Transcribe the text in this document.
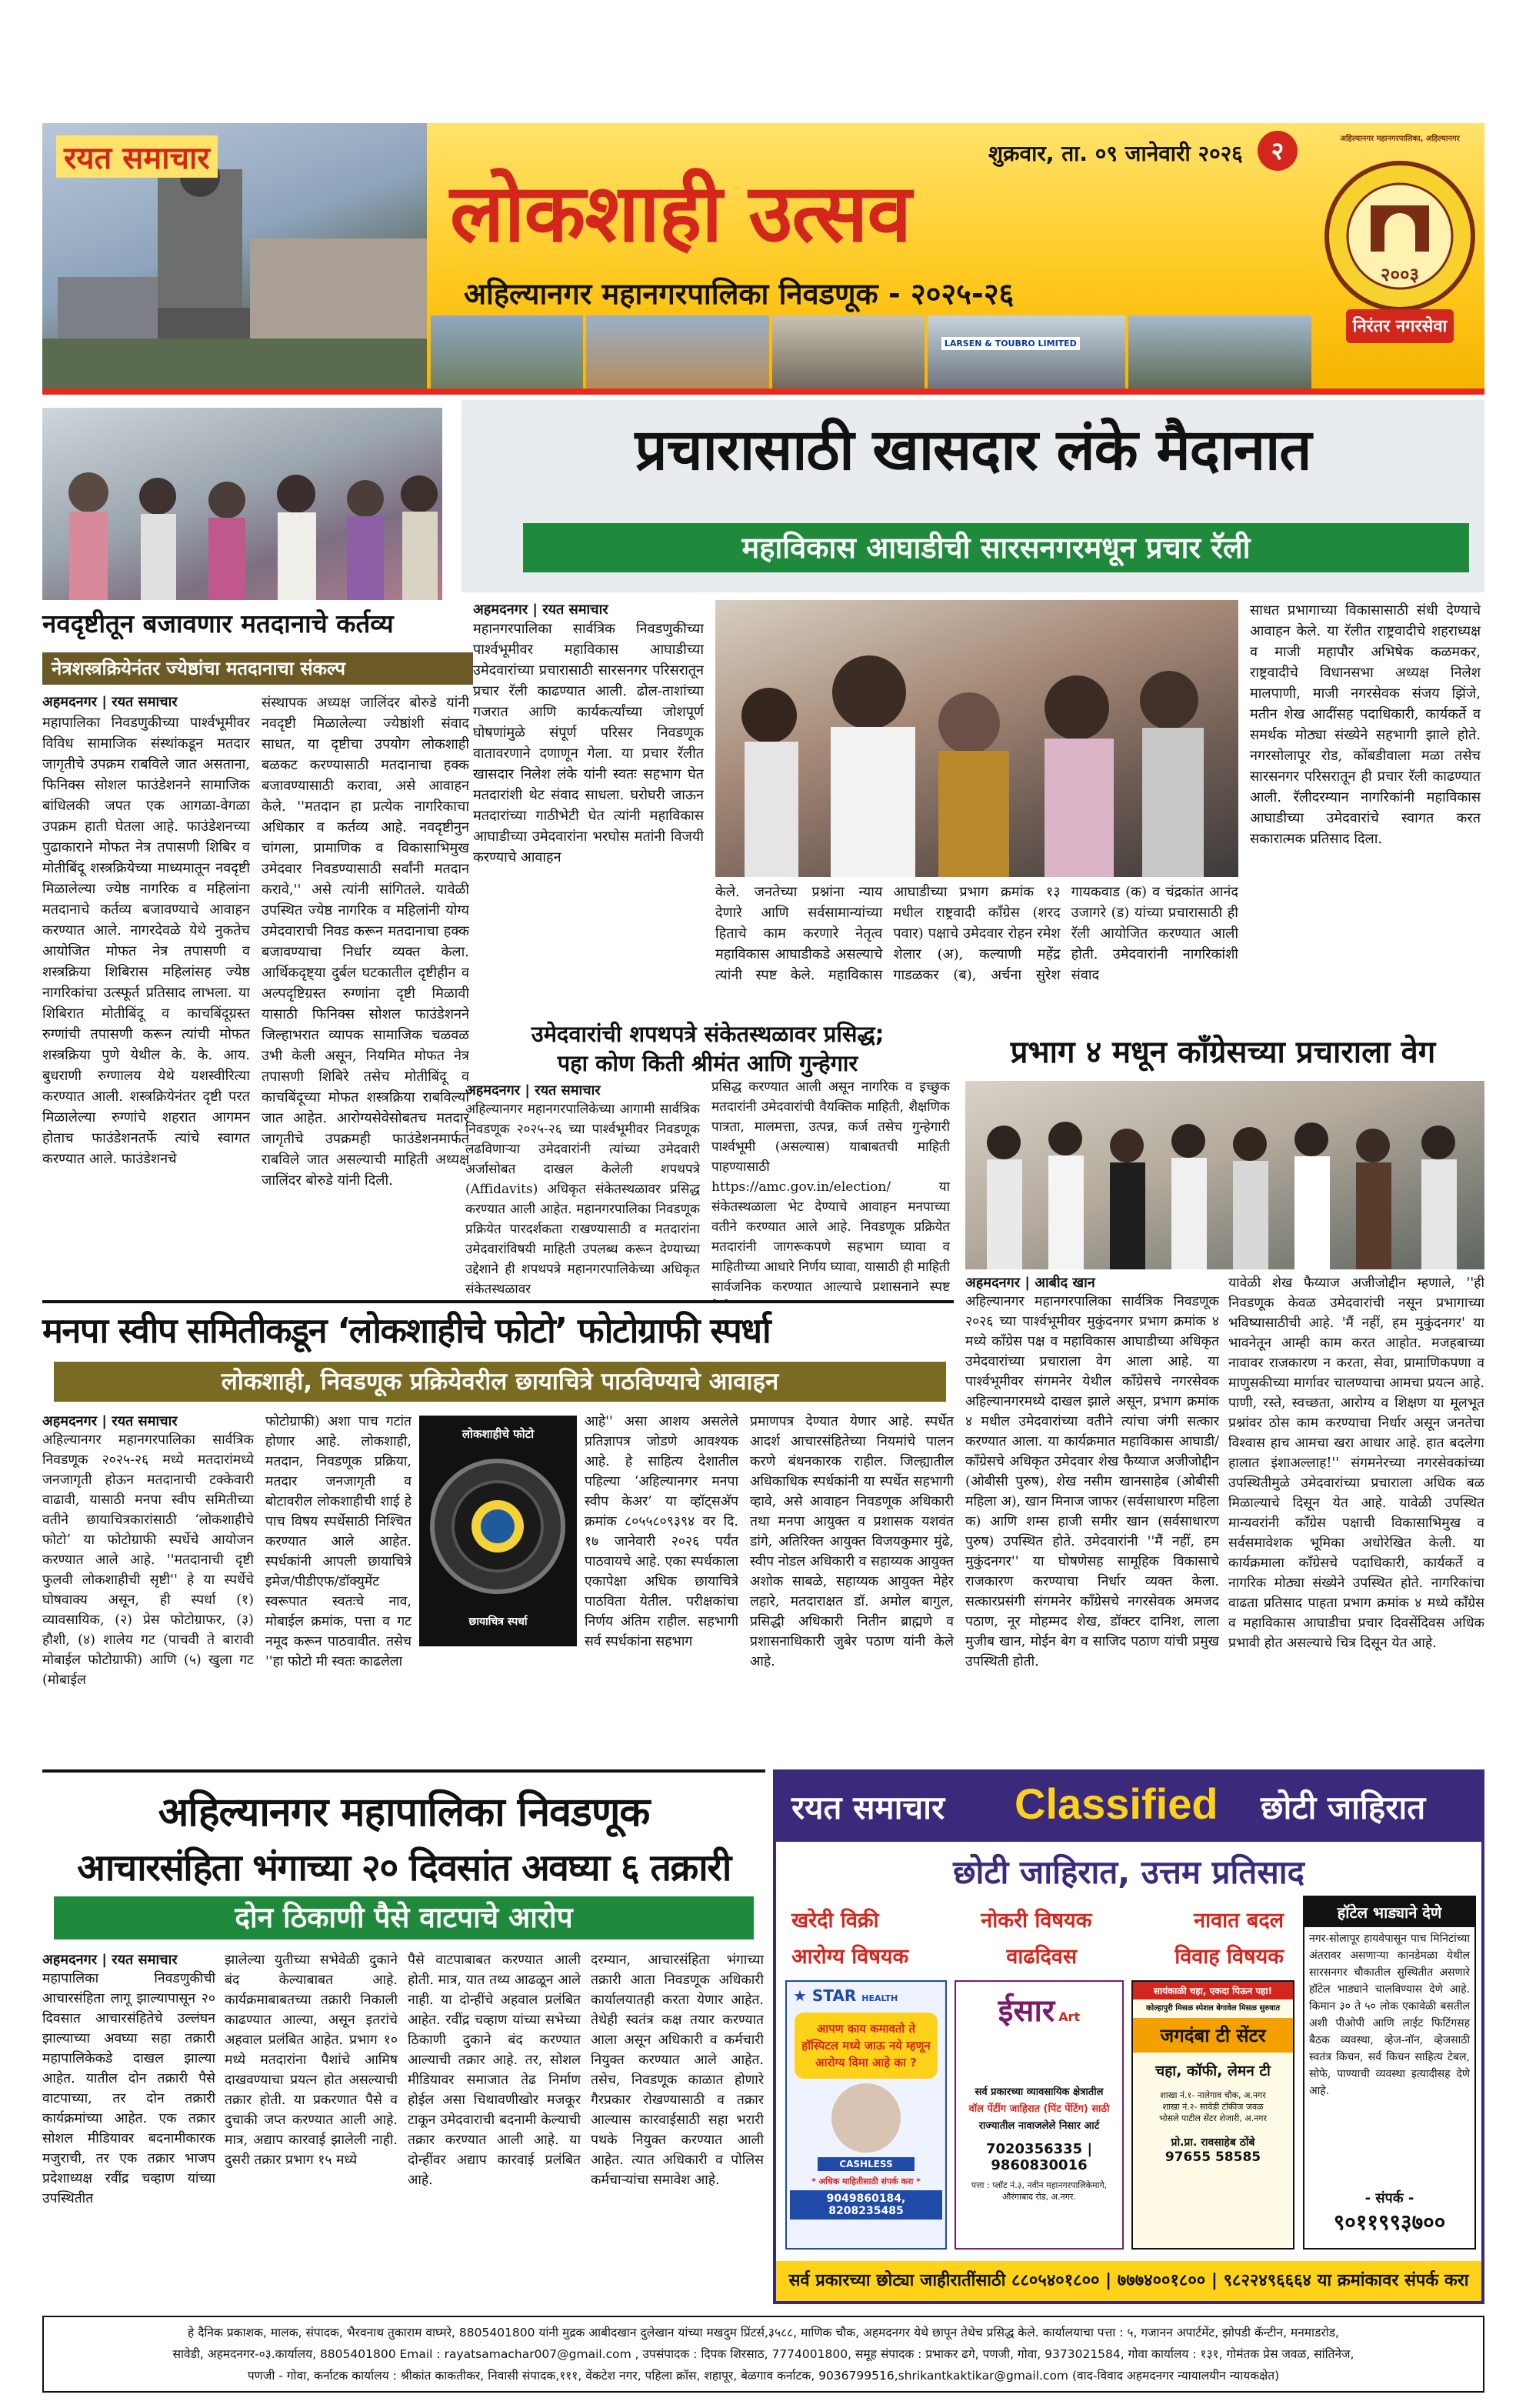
रयत समाचार
लोकशाही उत्सव
शुक्रवार, ता. ०९ जानेवारी २०२६	२
अहिल्यानगर महानगरपालिका निवडणूक - २०२५-२६
LARSEN & TOUBRO LIMITED
२००३
निरंतर नगरसेवा
अहिल्यानगर महानगरपालिका, अहिल्यानगर
नवदृष्टीतून बजावणार मतदानाचे कर्तव्य
नेत्रशस्त्रक्रियेनंतर ज्येष्ठांचा मतदानाचा संकल्प
अहमदनगर | रयत समाचार

महापालिका निवडणुकीच्या पार्श्वभूमीवर विविध सामाजिक संस्थांकडून मतदार जागृतीचे उपक्रम राबविले जात असताना, फिनिक्स सोशल फाउंडेशनने सामाजिक बांधिलकी जपत एक आगळा-वेगळा उपक्रम हाती घेतला आहे. फाउंडेशनच्या पुढाकाराने मोफत नेत्र तपासणी शिबिर व मोतीबिंदू शस्त्रक्रियेच्या माध्यमातून नवदृष्टी मिळालेल्या ज्येष्ठ नागरिक व महिलांना मतदानाचे कर्तव्य बजावण्याचे आवाहन करण्यात आले. नागरदेवळे येथे नुकतेच आयोजित मोफत नेत्र तपासणी व शस्त्रक्रिया शिबिरास महिलांसह ज्येष्ठ नागरिकांचा उत्स्फूर्त प्रतिसाद लाभला. या शिबिरात मोतीबिंदू व काचबिंदूग्रस्त रुग्णांची तपासणी करून त्यांची मोफत शस्त्रक्रिया पुणे येथील के. के. आय. बुधराणी रुग्णालय येथे यशस्वीरित्या करण्यात आली. शस्त्रक्रियेनंतर दृष्टी परत मिळालेल्या रुग्णांचे शहरात आगमन होताच फाउंडेशनतर्फे त्यांचे स्वागत करण्यात आले. फाउंडेशनचे

संस्थापक अध्यक्ष जालिंदर बोरुडे यांनी नवदृष्टी मिळालेल्या ज्येष्ठांशी संवाद साधत, या दृष्टीचा उपयोग लोकशाही बळकट करण्यासाठी मतदानाचा हक्क बजावण्यासाठी करावा, असे आवाहन केले. ''मतदान हा प्रत्येक नागरिकाचा अधिकार व कर्तव्य आहे. नवदृष्टीनुन चांगला, प्रामाणिक व विकासाभिमुख उमेदवार निवडण्यासाठी सर्वांनी मतदान करावे,'' असे त्यांनी सांगितले. यावेळी उपस्थित ज्येष्ठ नागरिक व महिलांनी योग्य उमेदवाराची निवड करून मतदानाचा हक्क बजावण्याचा निर्धार व्यक्त केला. आर्थिकदृष्ट्या दुर्बल घटकातील दृष्टीहीन व अल्पदृष्टिग्रस्त रुग्णांना दृष्टी मिळावी यासाठी फिनिक्स सोशल फाउंडेशनने जिल्हाभरात व्यापक सामाजिक चळवळ उभी केली असून, नियमित मोफत नेत्र तपासणी शिबिरे तसेच मोतीबिंदू व काचबिंदूच्या मोफत शस्त्रक्रिया राबविल्या जात आहेत. आरोग्यसेवेसोबतच मतदार जागृतीचे उपक्रमही फाउंडेशनमार्फत राबविले जात असल्याची माहिती अध्यक्ष जालिंदर बोरुडे यांनी दिली.

प्रचारासाठी खासदार लंके मैदानात
महाविकास आघाडीची सारसनगरमधून प्रचार रॅली
अहमदनगर | रयत समाचार

महानगरपालिका सार्वत्रिक निवडणुकीच्या पार्श्वभूमीवर महाविकास आघाडीच्या उमेदवारांच्या प्रचारासाठी सारसनगर परिसरातून प्रचार रॅली काढण्यात आली. ढोल-ताशांच्या गजरात आणि कार्यकर्त्यांच्या जोशपूर्ण घोषणांमुळे संपूर्ण परिसर निवडणूक वातावरणाने दणाणून गेला. या प्रचार रॅलीत खासदार निलेश लंके यांनी स्वतः सहभाग घेत मतदारांशी थेट संवाद साधला. घरोघरी जाऊन मतदारांच्या गाठीभेटी घेत त्यांनी महाविकास आघाडीच्या उमेदवारांना भरघोस मतांनी विजयी करण्याचे आवाहन

केले. जनतेच्या प्रश्नांना न्याय देणारे आणि सर्वसामान्यांच्या हिताचे काम करणारे नेतृत्व महाविकास आघाडीकडे असल्याचे त्यांनी स्पष्ट केले. महाविकास आघाडीच्या प्रभाग क्रमांक १३ मधील राष्ट्रवादी काँग्रेस (शरद पवार) पक्षाचे उमेदवार रोहन रमेश शेलार (अ), कल्याणी महेंद्र गाडळकर (ब), अर्चना सुरेश गायकवाड (क) व चंद्रकांत आनंद उजागरे (ड) यांच्या प्रचारासाठी ही रॅली आयोजित करण्यात आली होती. उमेदवारांनी नागरिकांशी संवाद

साधत प्रभागाच्या विकासासाठी संधी देण्याचे आवाहन केले. या रॅलीत राष्ट्रवादीचे शहराध्यक्ष व माजी महापौर अभिषेक कळमकर, राष्ट्रवादीचे विधानसभा अध्यक्ष निलेश मालपाणी, माजी नगरसेवक संजय झिंजे, मतीन शेख आदींसह पदाधिकारी, कार्यकर्ते व समर्थक मोठ्या संख्येने सहभागी झाले होते. नगरसोलापूर रोड, कोंबडीवाला मळा तसेच सारसनगर परिसरातून ही प्रचार रॅली काढण्यात आली. रॅलीदरम्यान नागरिकांनी महाविकास आघाडीच्या उमेदवारांचे स्वागत करत सकारात्मक प्रतिसाद दिला.

उमेदवारांची शपथपत्रे संकेतस्थळावर प्रसिद्ध;
पहा कोण किती श्रीमंत आणि गुन्हेगार
अहमदनगर | रयत समाचार

अहिल्यानगर महानगरपालिकेच्या आगामी सार्वत्रिक निवडणूक २०२५-२६ च्या पार्श्वभूमीवर निवडणूक लढविणाऱ्या उमेदवारांनी त्यांच्या उमेदवारी अर्जासोबत दाखल केलेली शपथपत्रे (Affidavits) अधिकृत संकेतस्थळावर प्रसिद्ध करण्यात आली आहेत. महानगरपालिका निवडणूक प्रक्रियेत पारदर्शकता राखण्यासाठी व मतदारांना उमेदवारांविषयी माहिती उपलब्ध करून देण्याच्या उद्देशाने ही शपथपत्रे महानगरपालिकेच्या अधिकृत संकेतस्थळावर

प्रसिद्ध करण्यात आली असून नागरिक व इच्छुक मतदारांनी उमेदवारांची वैयक्तिक माहिती, शैक्षणिक पात्रता, मालमत्ता, उत्पन्न, कर्ज तसेच गुन्हेगारी पार्श्वभूमी (असल्यास) याबाबतची माहिती पाहण्यासाठी https://amc.gov.in/election/ या संकेतस्थळाला भेट देण्याचे आवाहन मनपाच्या वतीने करण्यात आले आहे. निवडणूक प्रक्रियेत मतदारांनी जागरूकपणे सहभाग घ्यावा व माहितीच्या आधारे निर्णय घ्यावा, यासाठी ही माहिती सार्वजनिक करण्यात आल्याचे प्रशासनाने स्पष्ट

प्रभाग ४ मधून काँग्रेसच्या प्रचाराला वेग
अहमदनगर | आबीद खान

अहिल्यानगर महानगरपालिका सार्वत्रिक निवडणूक २०२६ च्या पार्श्वभूमीवर मुकुंदनगर प्रभाग क्रमांक ४ मध्ये काँग्रेस पक्ष व महाविकास आघाडीच्या अधिकृत उमेदवारांच्या प्रचाराला वेग आला आहे. या पार्श्वभूमीवर संगमनेर येथील काँग्रेसचे नगरसेवक अहिल्यानगरमध्ये दाखल झाले असून, प्रभाग क्रमांक ४ मधील उमेदवारांच्या वतीने त्यांचा जंगी सत्कार करण्यात आला. या कार्यक्रमात महाविकास आघाडी/काँग्रेसचे अधिकृत उमेदवार शेख फैय्याज अजीजोद्दीन (ओबीसी पुरुष), शेख नसीम खानसाहेब (ओबीसी महिला अ), खान मिनाज जाफर (सर्वसाधारण महिला क) आणि शम्स हाजी समीर खान (सर्वसाधारण पुरुष) उपस्थित होते. उमेदवारांनी ''मैं नहीं, हम मुकुंदनगर'' या घोषणेसह सामूहिक विकासाचे राजकारण करण्याचा निर्धार व्यक्त केला. सत्कारप्रसंगी संगमनेर काँग्रेसचे नगरसेवक अमजद पठाण, नूर मोहम्मद शेख, डॉक्टर दानिश, लाला मुजीब खान, मोईन बेग व साजिद पठाण यांची प्रमुख उपस्थिती होती.

यावेळी शेख फैय्याज अजीजोद्दीन म्हणाले, ''ही निवडणूक केवळ उमेदवारांची नसून प्रभागाच्या भविष्यासाठीची आहे. 'मैं नहीं, हम मुकुंदनगर' या भावनेतून आम्ही काम करत आहोत. मजहबाच्या नावावर राजकारण न करता, सेवा, प्रामाणिकपणा व माणुसकीच्या मार्गावर चालण्याचा आमचा प्रयत्न आहे. पाणी, रस्ते, स्वच्छता, आरोग्य व शिक्षण या मूलभूत प्रश्नांवर ठोस काम करण्याचा निर्धार असून जनतेचा विश्वास हाच आमचा खरा आधार आहे. हात बदलेगा हालात इंशाअल्लाह!'' संगमनेरच्या नगरसेवकांच्या उपस्थितीमुळे उमेदवारांच्या प्रचाराला अधिक बळ मिळाल्याचे दिसून येत आहे. यावेळी उपस्थित मान्यवरांनी काँग्रेस पक्षाची विकासाभिमुख व सर्वसमावेशक भूमिका अधोरेखित केली. या कार्यक्रमाला काँग्रेसचे पदाधिकारी, कार्यकर्ते व नागरिक मोठ्या संख्येने उपस्थित होते. नागरिकांचा वाढता प्रतिसाद पाहता प्रभाग क्रमांक ४ मध्ये काँग्रेस व महाविकास आघाडीचा प्रचार दिवसेंदिवस अधिक प्रभावी होत असल्याचे चित्र दिसून येत आहे.

मनपा स्वीप समितीकडून ‘लोकशाहीचे फोटो’ फोटोग्राफी स्पर्धा
लोकशाही, निवडणूक प्रक्रियेवरील छायाचित्रे पाठविण्याचे आवाहन
अहमदनगर | रयत समाचार

अहिल्यानगर महानगरपालिका सार्वत्रिक निवडणूक २०२५-२६ मध्ये मतदारांमध्ये जनजागृती होऊन मतदानाची टक्केवारी वाढावी, यासाठी मनपा स्वीप समितीच्या वतीने छायाचित्रकारांसाठी ‘लोकशाहीचे फोटो’ या फोटोग्राफी स्पर्धेचे आयोजन करण्यात आले आहे. ''मतदानाची दृष्टी फुलवी लोकशाहीची सृष्टी'' हे या स्पर्धेचे घोषवाक्य असून, ही स्पर्धा (१) व्यावसायिक, (२) प्रेस फोटोग्राफर, (३) हौशी, (४) शालेय गट (पाचवी ते बारावी मोबाईल फोटोग्राफी) आणि (५) खुला गट (मोबाईल

फोटोग्राफी) अशा पाच गटांत होणार आहे. लोकशाही, मतदान, निवडणूक प्रक्रिया, मतदार जनजागृती व बोटावरील लोकशाहीची शाई हे पाच विषय स्पर्धेसाठी निश्चित करण्यात आले आहेत. स्पर्धकांनी आपली छायाचित्रे इमेज/पीडीएफ/डॉक्युमेंट स्वरूपात स्वतःचे नाव, मोबाईल क्रमांक, पत्ता व गट नमूद करून पाठवावीत. तसेच ''हा फोटो मी स्वतः काढलेला

लोकशाहीचे फोटो
छायाचित्र स्पर्धा

आहे'' असा आशय असलेले प्रतिज्ञापत्र जोडणे आवश्यक आहे. हे साहित्य देशातील पहिल्या ‘अहिल्यानगर मनपा स्वीप केअर’ या व्हॉट्सअ‍ॅप क्रमांक ८०५५८०९३९४ वर दि. १७ जानेवारी २०२६ पर्यंत पाठवायचे आहे. एका स्पर्धकाला एकापेक्षा अधिक छायाचित्रे पाठविता येतील. परीक्षकांचा निर्णय अंतिम राहील. सहभागी सर्व स्पर्धकांना सहभाग

प्रमाणपत्र देण्यात येणार आहे. स्पर्धेत आदर्श आचारसंहितेच्या नियमांचे पालन करणे बंधनकारक राहील. जिल्ह्यातील अधिकाधिक स्पर्धकांनी या स्पर्धेत सहभागी व्हावे, असे आवाहन निवडणूक अधिकारी तथा मनपा आयुक्त व प्रशासक यशवंत डांगे, अतिरिक्त आयुक्त विजयकुमार मुंढे, स्वीप नोडल अधिकारी व सहाय्यक आयुक्त अशोक साबळे, सहाय्यक आयुक्त मेहेर लहारे, मतदाराक्षत डॉ. अमोल बागुल, प्रसिद्धी अधिकारी नितीन ब्राह्मणे व प्रशासनाधिकारी जुबेर पठाण यांनी केले आहे.

अहिल्यानगर महापालिका निवडणूक
आचारसंहिता भंगाच्या २० दिवसांत अवघ्या ६ तक्रारी
दोन ठिकाणी पैसे वाटपाचे आरोप
अहमदनगर | रयत समाचार

महापालिका निवडणुकीची आचारसंहिता लागू झाल्यापासून २० दिवसात आचारसंहितेचे उल्लंघन झाल्याच्या अवघ्या सहा तक्रारी महापालिकेकडे दाखल झाल्या आहेत. यातील दोन तक्रारी पैसे वाटपाच्या, तर दोन तक्रारी कार्यक्रमांच्या आहेत. एक तक्रार सोशल मीडियावर बदनामीकारक मजुराची, तर एक तक्रार भाजप प्रदेशाध्यक्ष रवींद्र चव्हाण यांच्या उपस्थितीत

झालेल्या युतीच्या सभेवेळी दुकाने बंद केल्याबाबत आहे. कार्यक्रमाबाबतच्या तक्रारी निकाली काढण्यात आल्या, असून इतरांचे अहवाल प्रलंबित आहेत. प्रभाग १० मध्ये मतदारांना पैशांचे आमिष दाखवण्याचा प्रयत्न होत असल्याची तक्रार होती. या प्रकरणात पैसे व दुचाकी जप्त करण्यात आली आहे. मात्र, अद्याप कारवाई झालेली नाही. दुसरी तक्रार प्रभाग १५ मध्ये

पैसे वाटपाबाबत करण्यात आली होती. मात्र, यात तथ्य आढळून आले नाही. या दोन्हींचे अहवाल प्रलंबित आहेत. रवींद्र चव्हाण यांच्या सभेच्या ठिकाणी दुकाने बंद करण्यात आल्याची तक्रार आहे. तर, सोशल मीडियावर समाजात तेढ निर्माण होईल असा चिथावणीखोर मजकूर टाकून उमेदवाराची बदनामी केल्याची तक्रार करण्यात आली आहे. या दोन्हींवर अद्याप कारवाई प्रलंबित आहे.

दरम्यान, आचारसंहिता भंगाच्या तक्रारी आता निवडणूक अधिकारी कार्यालयातही करता येणार आहेत. तेथेही स्वतंत्र कक्ष तयार करण्यात आला असून अधिकारी व कर्मचारी नियुक्त करण्यात आले आहेत. तसेच, निवडणूक काळात होणारे गैरप्रकार रोखण्यासाठी व तक्रार आल्यास कारवाईसाठी सहा भरारी पथके नियुक्त करण्यात आली आहेत. त्यात अधिकारी व पोलिस कर्मचाऱ्यांचा समावेश आहे.

रयत समाचार Classified छोटी जाहिरात
छोटी जाहिरात, उत्तम प्रतिसाद
खरेदी विक्री	नोकरी विषयक	नावात बदल
आरोग्य विषयक	वाढदिवस	विवाह विषयक
हॉटेल भाड्याने देणे

नगर-सोलापूर हायवेपासून पाच मिनिटांच्या अंतरावर असणाऱ्या कानडेमळा येथील सारसनगर चौकातील सुस्थितीत असणारे हॉटेल भाड्याने चालविण्यास देणे आहे. किमान ३० ते ५० लोक एकावेळी बसतील अशी पीओपी आणि लाईट फिटिंगसह बैठक व्यवस्था, व्हेज-नॉन, व्हेजसाठी स्वतंत्र किचन, सर्व किचन साहित्य टेबल, सोफे, पाण्याची व्यवस्था इत्यादीसह देणे आहे.

- संपर्क -
९०११९९३७००
★ STAR HEALTH
आपण काय कमावतो ते हॉस्पिटल मध्ये जाऊ नये म्हणून आरोग्य विमा आहे का ?
CASHLESS
* अधिक माहितीसाठी संपर्क करा *
9049860184, 8208235485
ईसार Art
सर्व प्रकारच्या व्यावसायिक क्षेत्रातील
वॉल पेंटींग जाहिरात (पिंट पेंटिंग) साठी
राज्यातील नावाजलेले निसार आर्ट
7020356335 | 9860830016
पत्ता : प्लॉट नं.३, नवीन महानगरपालिकेमागे, औरंगाबाद रोड, अ.नगर.
सायंकाळी चहा, एकदा पिऊन पहा!
कोल्हापुरी मिसळ स्पेशल बेगावेल मिसळ सुरुवात
जगदंबा टी सेंटर
चहा, कॉफी, लेमन टी
शाखा नं.१- नालेगाव चौक, अ.नगर
शाखा नं.२- सावेडी टॉकीज जवळ
भोसले पाटील सेंटर शेजारी, अ.नगर
प्रो.प्रा. रावसाहेब ठोंबे
97655 58585
सर्व प्रकारच्या छोट्या जाहीरातींसाठी ८८०५४०१८०० | ७७७४००१८०० | ९८२२४९६६६४ या क्रमांकावर संपर्क करा
हे दैनिक प्रकाशक, मालक, संपादक, भैरवनाथ तुकाराम वाघ्मरे, 8805401800 यांनी मुद्रक आबीदखान दुलेखान यांच्या मखदुम प्रिंटर्स,३५८८, माणिक चौक, अहमदनगर येथे छापून तेथेच प्रसिद्ध केले. कार्यालयाचा पत्ता : ५, गजानन अपार्टमेंट, झोपडी कॅन्टीन, मनमाडरोड,
सावेडी, अहमदनगर-०३.कार्यालय, 8805401800 Email : rayatsamachar007@gmail.com , उपसंपादक : दिपक शिरसाठ, 7774001800, समूह संपादक : प्रभाकर ढगे, पणजी, गोवा, 9373021584, गोवा कार्यालय : १३१, गोमंतक प्रेस जवळ, सांतिनेज,
पणजी - गोवा, कर्नाटक कार्यालय : श्रीकांत काकतीकर, निवासी संपादक,१११, वेंकटेश नगर, पहिला क्रॉस, शहापूर, बेळगाव कर्नाटक, 9036799516,shrikantkaktikar@gmail.com (वाद-विवाद अहमदनगर न्यायालयीन न्यायकक्षेत)
